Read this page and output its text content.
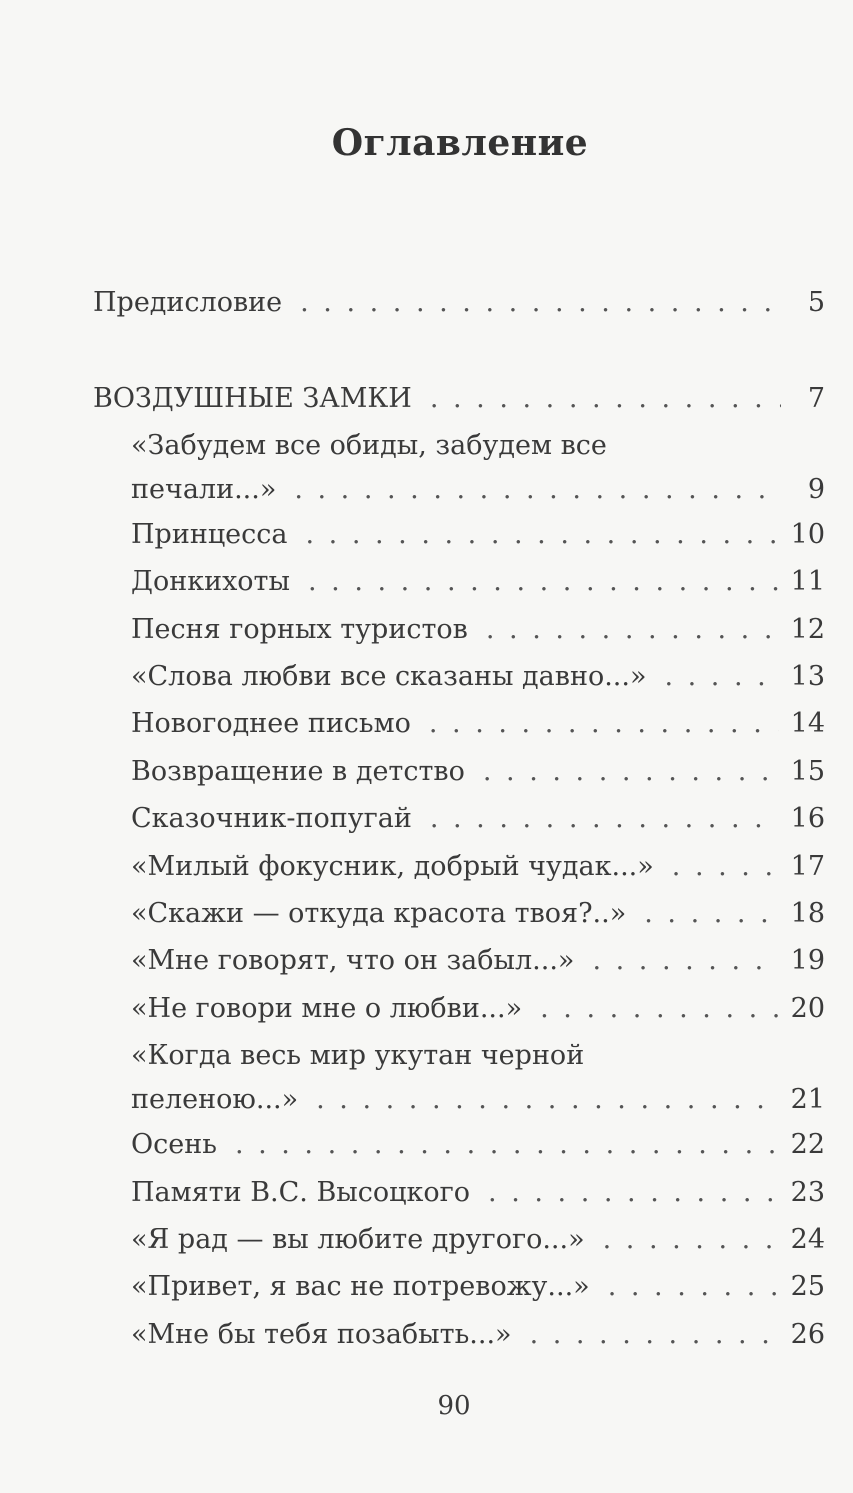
Оглавление
Предисловие . . .	5
ВОЗДУШНЫЕ ЗАМКИ . . .	7
«Забудем все обиды, забудем все
печали...» . . .	9
Принцесса . . .	10
Донкихоты . . .	11
Песня горных туристов . . .	12
«Слова любви все сказаны давно...» . . .	13
Новогоднее письмо . . .	14
Возвращение в детство . . .	15
Сказочник-попугай . . .	16
«Милый фокусник, добрый чудак...» . . .	17
«Скажи — откуда красота твоя?..» . . .	18
«Мне говорят, что он забыл...» . . .	19
«Не говори мне о любви...» . . .	20
«Когда весь мир укутан черной
пеленою...» . . .	21
Осень . . .	22
Памяти В.С. Высоцкого . . .	23
«Я рад — вы любите другого...» . . .	24
«Привет, я вас не потревожу...» . . .	25
«Мне бы тебя позабыть...» . . .	26
90
